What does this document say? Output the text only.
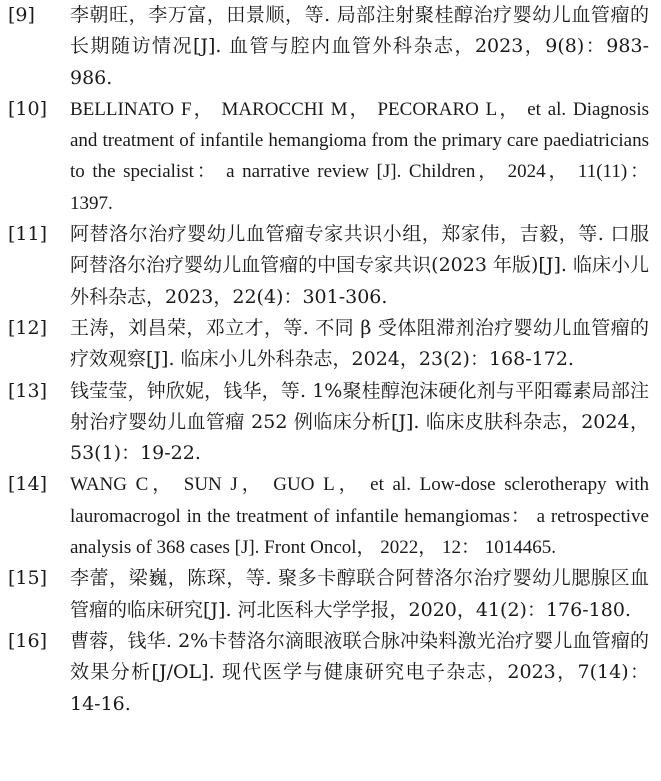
[9] 李朝旺，李万富，田景顺，等. 局部注射聚桂醇治疗婴幼儿血管瘤的长期随访情况[J]. 血管与腔内血管外科杂志，2023，9(8)：983-986.
[10] BELLINATO F， MAROCCHI M， PECORARO L， et al. Diagnosis and treatment of infantile hemangioma from the primary care paediatricians to the specialist： a narrative review [J]. Children， 2024， 11(11)： 1397.
[11] 阿替洛尔治疗婴幼儿血管瘤专家共识小组，郑家伟，吉毅，等. 口服阿替洛尔治疗婴幼儿血管瘤的中国专家共识(2023 年版)[J]. 临床小儿外科杂志，2023，22(4)：301-306.
[12] 王涛，刘昌荣，邓立才，等. 不同 β 受体阻滞剂治疗婴幼儿血管瘤的疗效观察[J]. 临床小儿外科杂志，2024，23(2)：168-172.
[13] 钱莹莹，钟欣妮，钱华，等. 1%聚桂醇泡沫硬化剂与平阳霉素局部注射治疗婴幼儿血管瘤 252 例临床分析[J]. 临床皮肤科杂志，2024，53(1)：19-22.
[14] WANG C， SUN J， GUO L， et al. Low-dose sclerotherapy with lauromacrogol in the treatment of infantile hemangiomas： a retrospective analysis of 368 cases [J]. Front Oncol， 2022， 12： 1014465.
[15] 李蕾，梁巍，陈琛，等. 聚多卡醇联合阿替洛尔治疗婴幼儿腮腺区血管瘤的临床研究[J]. 河北医科大学学报，2020，41(2)：176-180.
[16] 曹蓉，钱华. 2%卡替洛尔滴眼液联合脉冲染料激光治疗婴儿血管瘤的效果分析[J/OL]. 现代医学与健康研究电子杂志，2023，7(14)：14-16.
